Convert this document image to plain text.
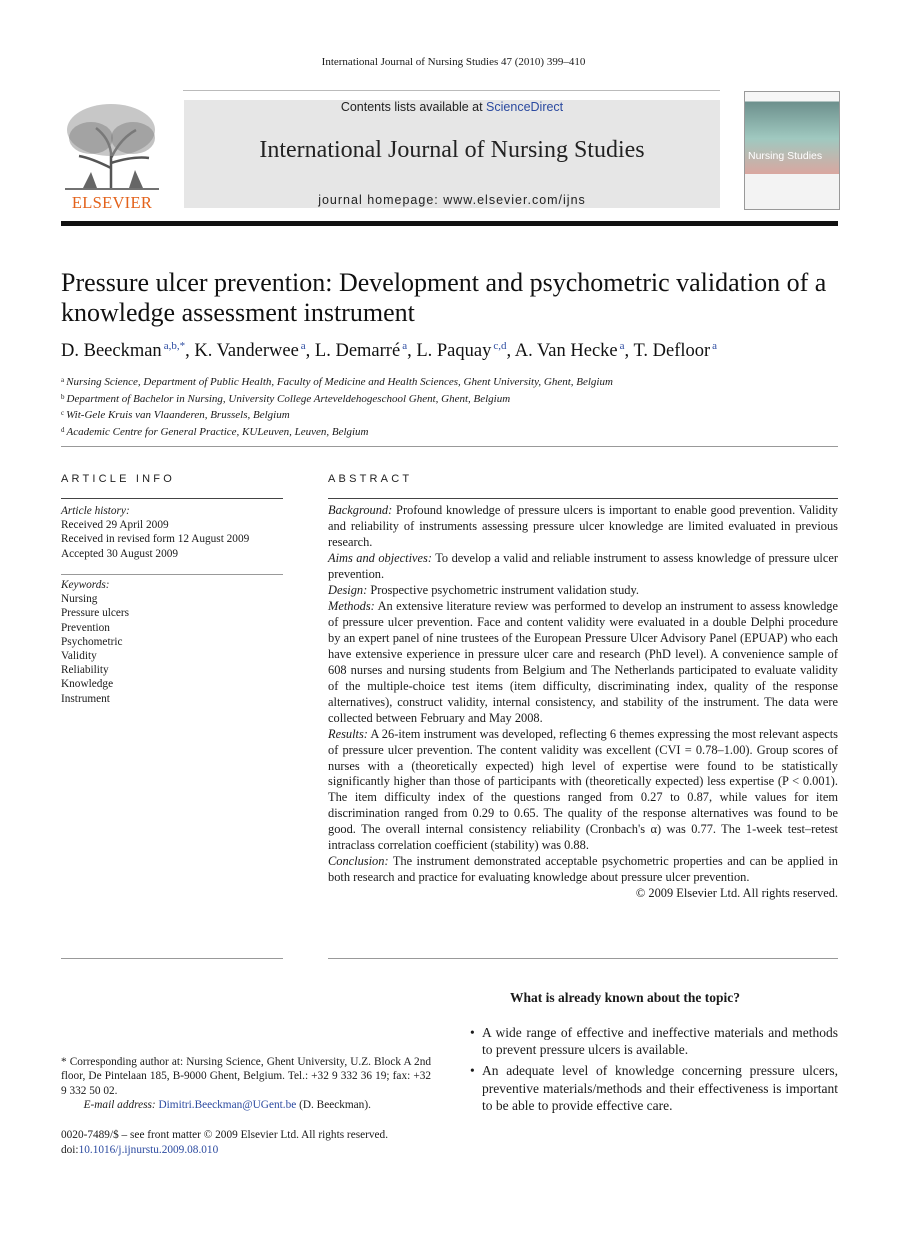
International Journal of Nursing Studies 47 (2010) 399–410
ELSEVIER
Contents lists available at ScienceDirect
International Journal of Nursing Studies
journal homepage: www.elsevier.com/ijns
Nursing Studies
Pressure ulcer prevention: Development and psychometric validation of a knowledge assessment instrument
D. Beeckman $^{a,b,*}$, K. Vanderwee $^a$, L. Demarré $^a$, L. Paquay $^{c,d}$, A. Van Hecke $^a$, T. Defloor $^a$
$^a$ Nursing Science, Department of Public Health, Faculty of Medicine and Health Sciences, Ghent University, Ghent, Belgium
$^b$ Department of Bachelor in Nursing, University College Arteveldehogeschool Ghent, Ghent, Belgium
$^c$ Wit-Gele Kruis van Vlaanderen, Brussels, Belgium
$^d$ Academic Centre for General Practice, KULeuven, Leuven, Belgium
ARTICLE INFO
Article history:
Received 29 April 2009
Received in revised form 12 August 2009
Accepted 30 August 2009
Keywords:
Nursing
Pressure ulcers
Prevention
Psychometric
Validity
Reliability
Knowledge
Instrument
ABSTRACT

Background: Profound knowledge of pressure ulcers is important to enable good prevention. Validity and reliability of instruments assessing pressure ulcer knowledge are limited evaluated in previous research.

Aims and objectives: To develop a valid and reliable instrument to assess knowledge of pressure ulcer prevention.

Design: Prospective psychometric instrument validation study.

Methods: An extensive literature review was performed to develop an instrument to assess knowledge of pressure ulcer prevention. Face and content validity were evaluated in a double Delphi procedure by an expert panel of nine trustees of the European Pressure Ulcer Advisory Panel (EPUAP) who each have extensive experience in pressure ulcer care and research (PhD level). A convenience sample of 608 nurses and nursing students from Belgium and The Netherlands participated to evaluate validity of the multiple-choice test items (item difficulty, discriminating index, quality of the response alternatives), construct validity, internal consistency, and stability of the instrument. The data were collected between February and May 2008.

Results: A 26-item instrument was developed, reflecting 6 themes expressing the most relevant aspects of pressure ulcer prevention. The content validity was excellent (CVI = 0.78–1.00). Group scores of nurses with a (theoretically expected) high level of expertise were found to be statistically significantly higher than those of participants with (theoretically expected) less expertise (P < 0.001). The item difficulty index of the questions ranged from 0.27 to 0.87, while values for item discrimination ranged from 0.29 to 0.65. The quality of the response alternatives was found to be good. The overall internal consistency reliability (Cronbach's α) was 0.77. The 1-week test–retest intraclass correlation coefficient (stability) was 0.88.

Conclusion: The instrument demonstrated acceptable psychometric properties and can be applied in both research and practice for evaluating knowledge about pressure ulcer prevention.

© 2009 Elsevier Ltd. All rights reserved.

What is already known about the topic?
• A wide range of effective and ineffective materials and methods to prevent pressure ulcers is available.
• An adequate level of knowledge concerning pressure ulcers, preventive materials/methods and their effectiveness is important to be able to provide effective care.
* Corresponding author at: Nursing Science, Ghent University, U.Z. Block A 2nd floor, De Pintelaan 185, B-9000 Ghent, Belgium. Tel.: +32 9 332 36 19; fax: +32 9 332 50 02.
E-mail address: Dimitri.Beeckman@UGent.be (D. Beeckman).
0020-7489/$ – see front matter © 2009 Elsevier Ltd. All rights reserved.
doi:10.1016/j.ijnurstu.2009.08.010
